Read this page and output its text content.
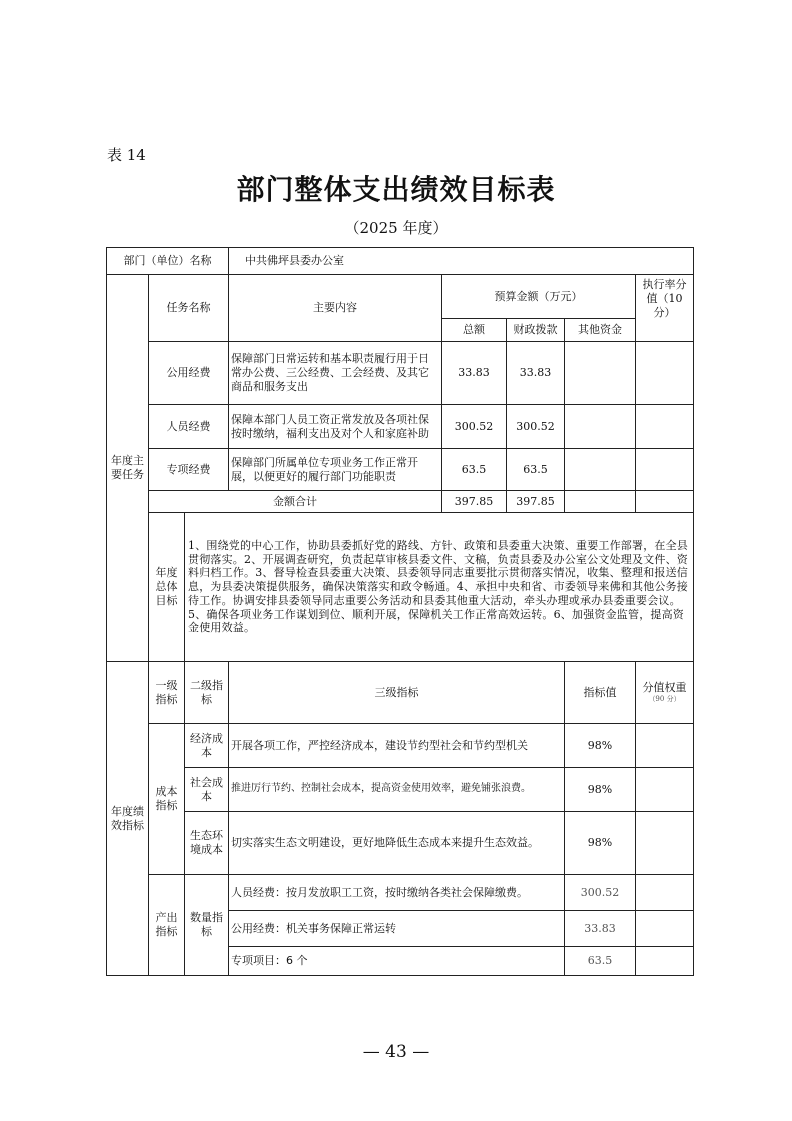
表 14
部门整体支出绩效目标表
（2025 年度）
部门（单位）名称			中共佛坪县委办公室				
年度主要任务	任务名称		主要内容	预算金额（万元）			执行率分值（10 分）
				总额	财政拨款	其他资金	
	公用经费		保障部门日常运转和基本职责履行用于日常办公费、三公经费、工会经费、及其它商品和服务支出	33.83	33.83		
	人员经费		保障本部门人员工资正常发放及各项社保按时缴纳，福利支出及对个人和家庭补助	300.52	300.52		
	专项经费		保障部门所属单位专项业务工作正常开展，以便更好的履行部门功能职责	63.5	63.5		
	金额合计			397.85	397.85		
	年度总体目标	1、围绕党的中心工作，协助县委抓好党的路线、方针、政策和县委重大决策、重要工作部署，在全县贯彻落实。2、开展调查研究，负责起草审核县委文件、文稿，负责县委及办公室公文处理及文件、资料归档工作。3、督导检查县委重大决策、县委领导同志重要批示贯彻落实情况，收集、整理和报送信息，为县委决策提供服务，确保决策落实和政令畅通。4、承担中央和省、市委领导来佛和其他公务接待工作。协调安排县委领导同志重要公务活动和县委其他重大活动，牵头办理或承办县委重要会议。5、确保各项业务工作谋划到位、顺利开展，保障机关工作正常高效运转。6、加强资金监管，提高资金使用效益。					
年度绩效指标	一级指标	二级指标	三级指标			指标值	分值权重
（90 分）

	成本指标	经济成本	开展各项工作，严控经济成本，建设节约型社会和节约型机关			98%	
		社会成本	推进厉行节约、控制社会成本，提高资金使用效率，避免铺张浪费。			98%	
		生态环境成本	切实落实生态文明建设，更好地降低生态成本来提升生态效益。			98%	
	产出指标	数量指标	人员经费：按月发放职工工资，按时缴纳各类社会保障缴费。			300.52	
			公用经费：机关事务保障正常运转			33.83	
			专项项目：6 个			63.5	
— 43 —
